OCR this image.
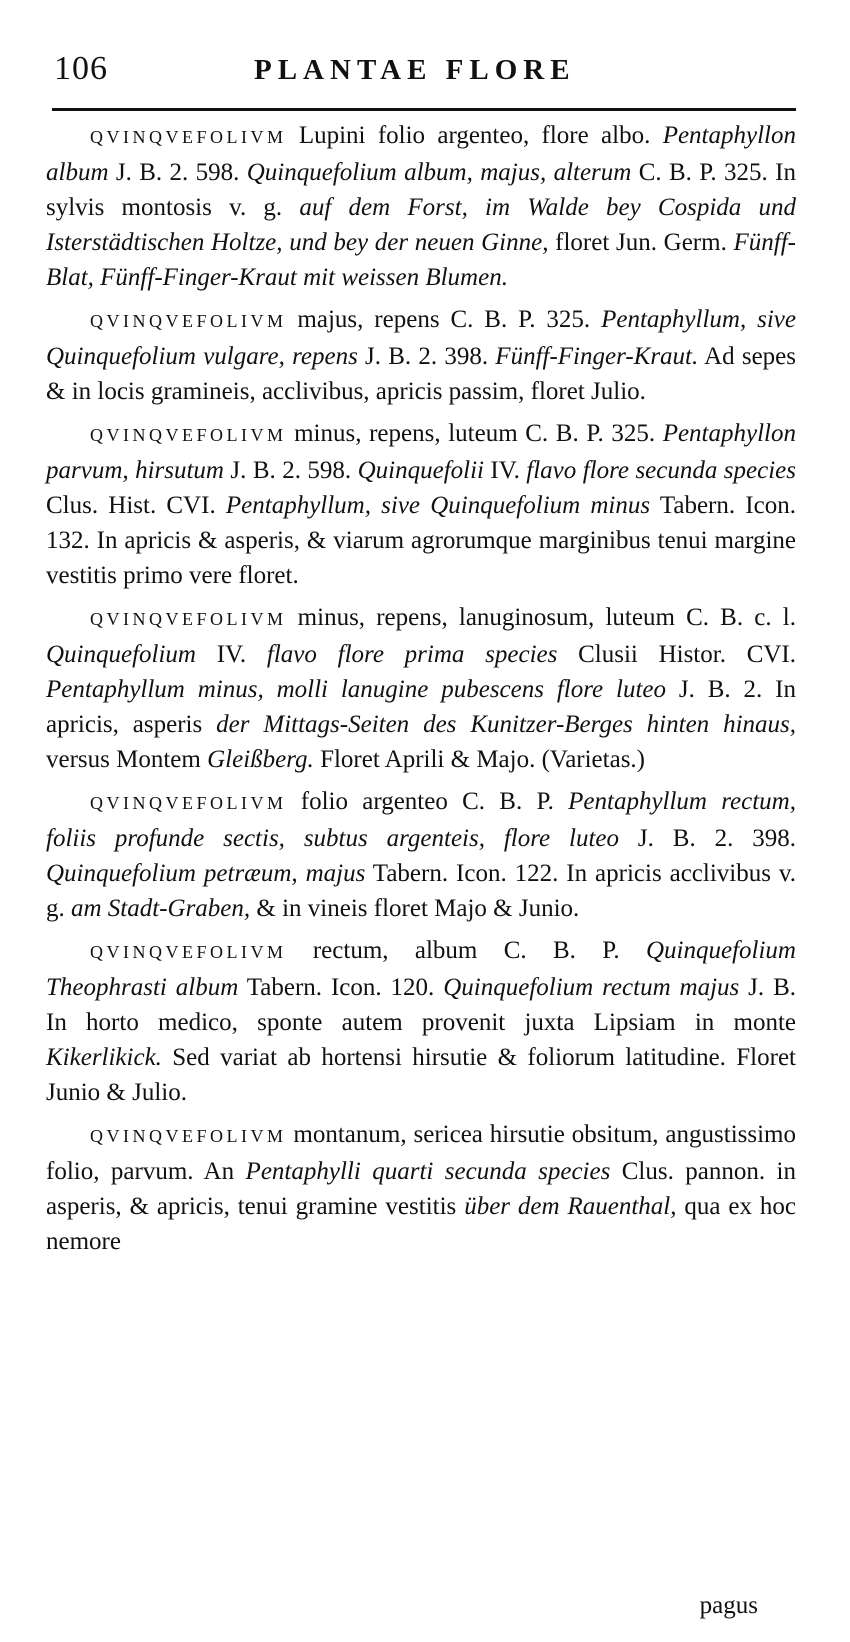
106	PLANTAE FLORE

QVINQVEFOLIVM Lupini folio argenteo, flore albo. Pentaphyllon album J. B. 2. 598. Quinquefolium album, majus, alterum C. B. P. 325. In sylvis montosis v. g. auf dem Forst, im Walde bey Cospida und Isterstädtischen Holtze, und bey der neuen Ginne, floret Jun. Germ. Fünff-Blat, Fünff-Finger-Kraut mit weissen Blumen.

QVINQVEFOLIVM majus, repens C. B. P. 325. Pentaphyllum, sive Quinquefolium vulgare, repens J. B. 2. 398. Fünff-Finger-Kraut. Ad sepes & in locis gramineis, acclivibus, apricis passim, floret Julio.

QVINQVEFOLIVM minus, repens, luteum C. B. P. 325. Pentaphyllon parvum, hirsutum J. B. 2. 598. Quinquefolii IV. flavo flore secunda species Clus. Hist. CVI. Pentaphyllum, sive Quinquefolium minus Tabern. Icon. 132. In apricis & asperis, & viarum agrorumque marginibus tenui margine vestitis primo vere floret.

QVINQVEFOLIVM minus, repens, lanuginosum, luteum C. B. c. l. Quinquefolium IV. flavo flore prima species Clusii Histor. CVI. Pentaphyllum minus, molli lanugine pubescens flore luteo J. B. 2. In apricis, asperis der Mittags-Seiten des Kunitzer-Berges hinten hinaus, versus Montem Gleißberg. Floret Aprili & Majo. (Varietas.)

QVINQVEFOLIVM folio argenteo C. B. P. Pentaphyllum rectum, foliis profunde sectis, subtus argenteis, flore luteo J. B. 2. 398. Quinquefolium petræum, majus Tabern. Icon. 122. In apricis acclivibus v. g. am Stadt-Graben, & in vineis floret Majo & Junio.

QVINQVEFOLIVM rectum, album C. B. P. Quinquefolium Theophrasti album Tabern. Icon. 120. Quinquefolium rectum majus J. B. In horto medico, sponte autem provenit juxta Lipsiam in monte Kikerlikick. Sed variat ab hortensi hirsutie & foliorum latitudine. Floret Junio & Julio.

QVINQVEFOLIVM montanum, sericea hirsutie obsitum, angustissimo folio, parvum. An Pentaphylli quarti secunda species Clus. pannon. in asperis, & apricis, tenui gramine vestitis über dem Rauenthal, qua ex hoc nemore

pagus
